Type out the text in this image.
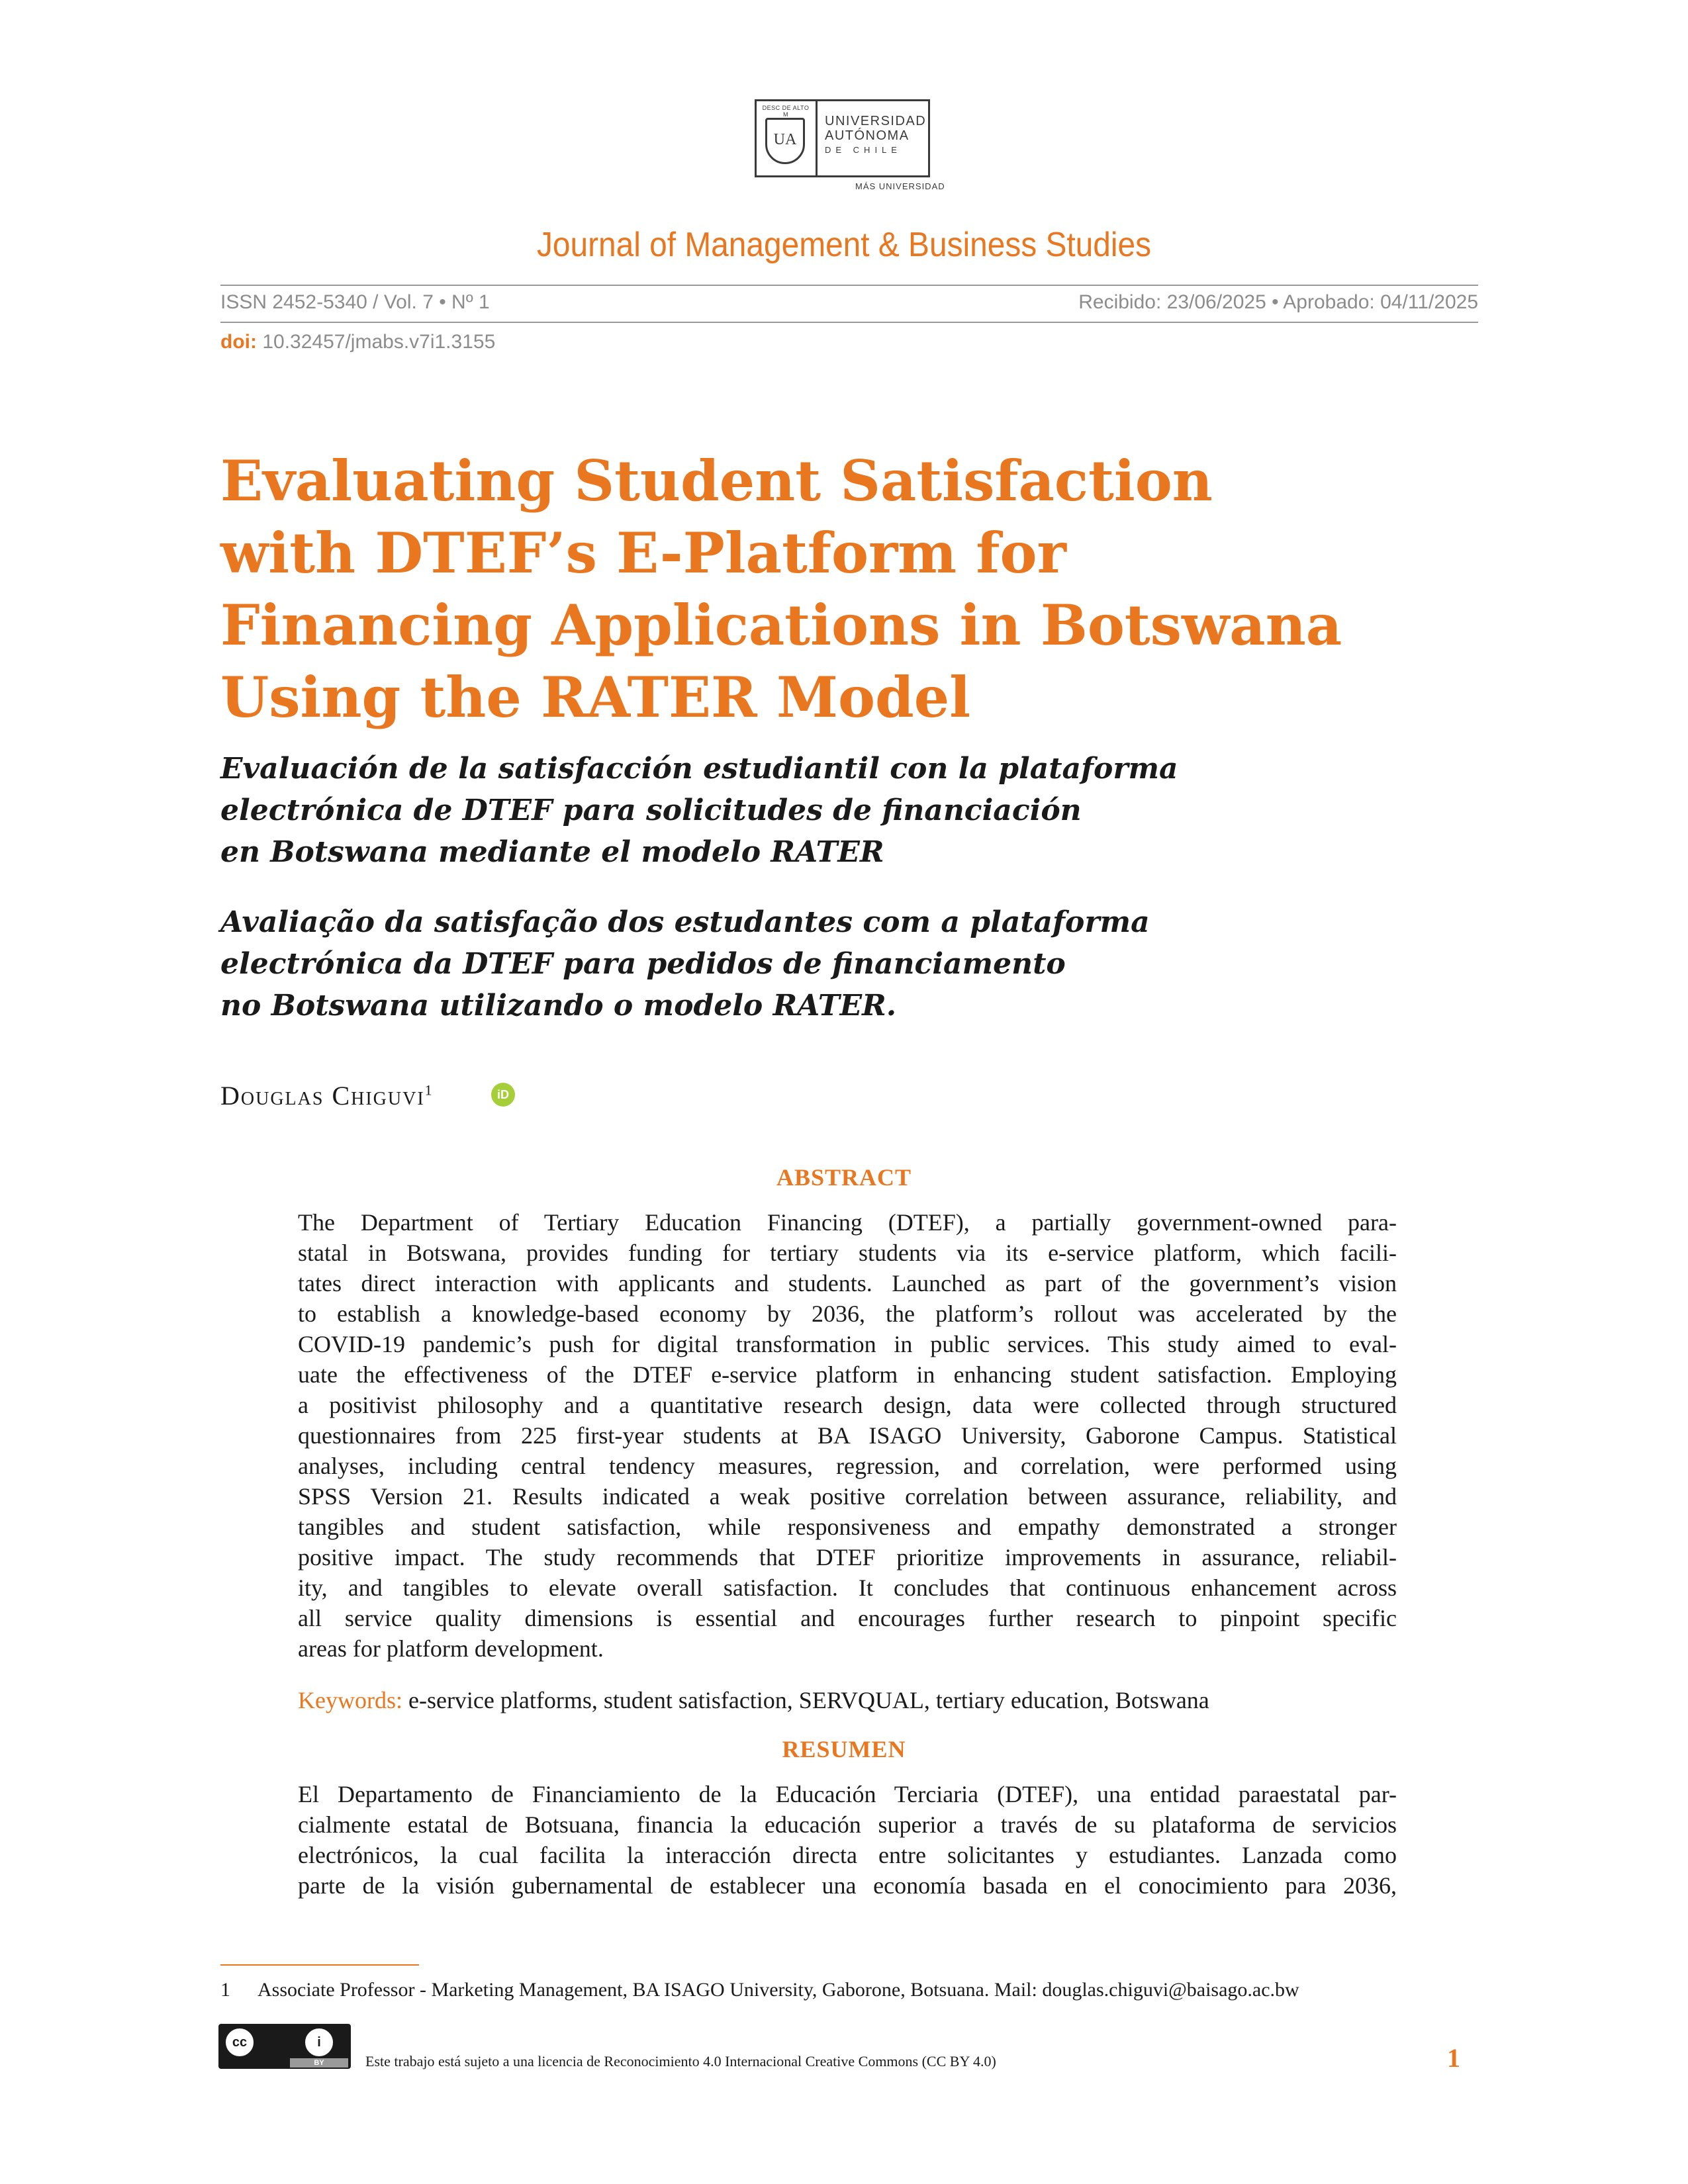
DESC DE ALTO M
UA
UNIVERSIDAD
AUTÓNOMA
DE CHILE
MÁS UNIVERSIDAD
Journal of Management & Business Studies
ISSN 2452-5340 / Vol. 7 • Nº 1	Recibido: 23/06/2025 • Aprobado: 04/11/2025
doi: 10.32457/jmabs.v7i1.3155
Evaluating Student Satisfaction
with DTEF’s E-Platform for
Financing Applications in Botswana
Using the RATER Model
Evaluación de la satisfacción estudiantil con la plataforma
electrónica de DTEF para solicitudes de financiación
en Botswana mediante el modelo RATER
Avaliação da satisfação dos estudantes com a plataforma
electrónica da DTEF para pedidos de financiamento
no Botswana utilizando o modelo RATER.
Douglas Chiguvi$^1$	iD
ABSTRACT
The Department of Tertiary Education Financing (DTEF), a partially government-owned para-
statal in Botswana, provides funding for tertiary students via its e-service platform, which facili-
tates direct interaction with applicants and students. Launched as part of the government’s vision
to establish a knowledge-based economy by 2036, the platform’s rollout was accelerated by the
COVID-19 pandemic’s push for digital transformation in public services. This study aimed to eval-
uate the effectiveness of the DTEF e-service platform in enhancing student satisfaction. Employing
a positivist philosophy and a quantitative research design, data were collected through structured
questionnaires from 225 first-year students at BA ISAGO University, Gaborone Campus. Statistical
analyses, including central tendency measures, regression, and correlation, were performed using
SPSS Version 21. Results indicated a weak positive correlation between assurance, reliability, and
tangibles and student satisfaction, while responsiveness and empathy demonstrated a stronger
positive impact. The study recommends that DTEF prioritize improvements in assurance, reliabil-
ity, and tangibles to elevate overall satisfaction. It concludes that continuous enhancement across
all service quality dimensions is essential and encourages further research to pinpoint specific
areas for platform development.
Keywords: e-service platforms, student satisfaction, SERVQUAL, tertiary education, Botswana
RESUMEN
El Departamento de Financiamiento de la Educación Terciaria (DTEF), una entidad paraestatal par-
cialmente estatal de Botsuana, financia la educación superior a través de su plataforma de servicios
electrónicos, la cual facilita la interacción directa entre solicitantes y estudiantes. Lanzada como
parte de la visión gubernamental de establecer una economía basada en el conocimiento para 2036,
1 Associate Professor - Marketing Management, BA ISAGO University, Gaborone, Botsuana. Mail: douglas.chiguvi@baisago.ac.bw
cc	i
BY	Este trabajo está sujeto a una licencia de Reconocimiento 4.0 Internacional Creative Commons (CC BY 4.0)	1
